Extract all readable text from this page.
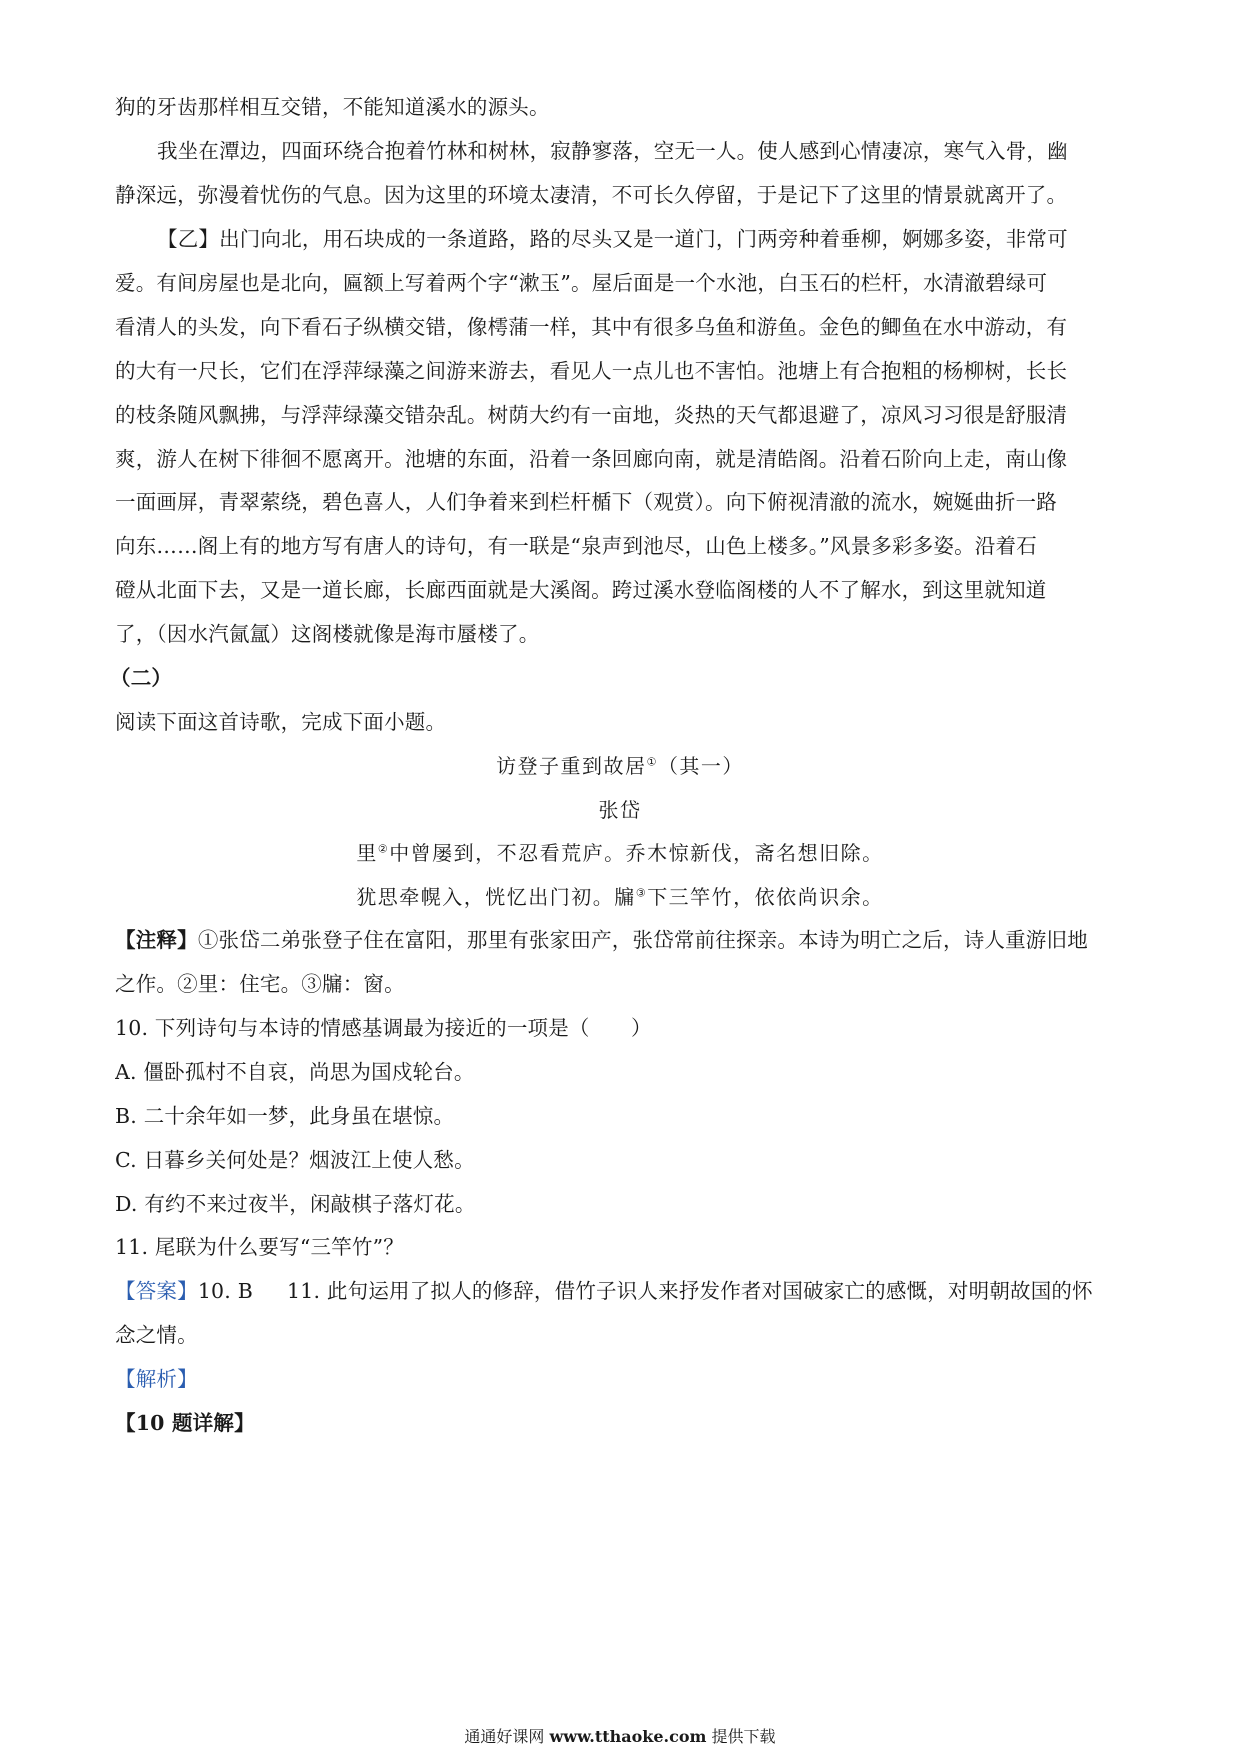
狗的牙齿那样相互交错，不能知道溪水的源头。
我坐在潭边，四面环绕合抱着竹林和树林，寂静寥落，空无一人。使人感到心情凄凉，寒气入骨，幽
静深远，弥漫着忧伤的气息。因为这里的环境太凄清，不可长久停留，于是记下了这里的情景就离开了。
【乙】出门向北，用石块成的一条道路，路的尽头又是一道门，门两旁种着垂柳，婀娜多姿，非常可
爱。有间房屋也是北向，匾额上写着两个字“漱玉”。屋后面是一个水池，白玉石的栏杆，水清澈碧绿可
看清人的头发，向下看石子纵横交错，像樗蒲一样，其中有很多乌鱼和游鱼。金色的鲫鱼在水中游动，有
的大有一尺长，它们在浮萍绿藻之间游来游去，看见人一点儿也不害怕。池塘上有合抱粗的杨柳树，长长
的枝条随风飘拂，与浮萍绿藻交错杂乱。树荫大约有一亩地，炎热的天气都退避了，凉风习习很是舒服清
爽，游人在树下徘徊不愿离开。池塘的东面，沿着一条回廊向南，就是清皓阁。沿着石阶向上走，南山像
一面画屏，青翠萦绕，碧色喜人，人们争着来到栏杆楯下（观赏）。向下俯视清澈的流水，婉娫曲折一路
向东……阁上有的地方写有唐人的诗句，有一联是“泉声到池尽，山色上楼多。”风景多彩多姿。沿着石
磴从北面下去，又是一道长廊，长廊西面就是大溪阁。跨过溪水登临阁楼的人不了解水，到这里就知道
了，（因水汽氤氲）这阁楼就像是海市蜃楼了。
（二）
阅读下面这首诗歌，完成下面小题。
访登子重到故居①（其一）
张岱
里②中曾屡到，不忍看荒庐。乔木惊新伐，斋名想旧除。
犹思牵幌入，恍忆出门初。牖③下三竿竹，依依尚识余。
【注释】①张岱二弟张登子住在富阳，那里有张家田产，张岱常前往探亲。本诗为明亡之后，诗人重游旧地
之作。②里：住宅。③牖：窗。
10. 下列诗句与本诗的情感基调最为接近的一项是（　　）
A. 僵卧孤村不自哀，尚思为国戍轮台。
B. 二十余年如一梦，此身虽在堪惊。
C. 日暮乡关何处是？烟波江上使人愁。
D. 有约不来过夜半，闲敲棋子落灯花。
11. 尾联为什么要写“三竿竹”？
【答案】10. B 11. 此句运用了拟人的修辞，借竹子识人来抒发作者对国破家亡的感慨，对明朝故国的怀
念之情。
【解析】
【10 题详解】
通通好课网 www.tthaoke.com 提供下载
